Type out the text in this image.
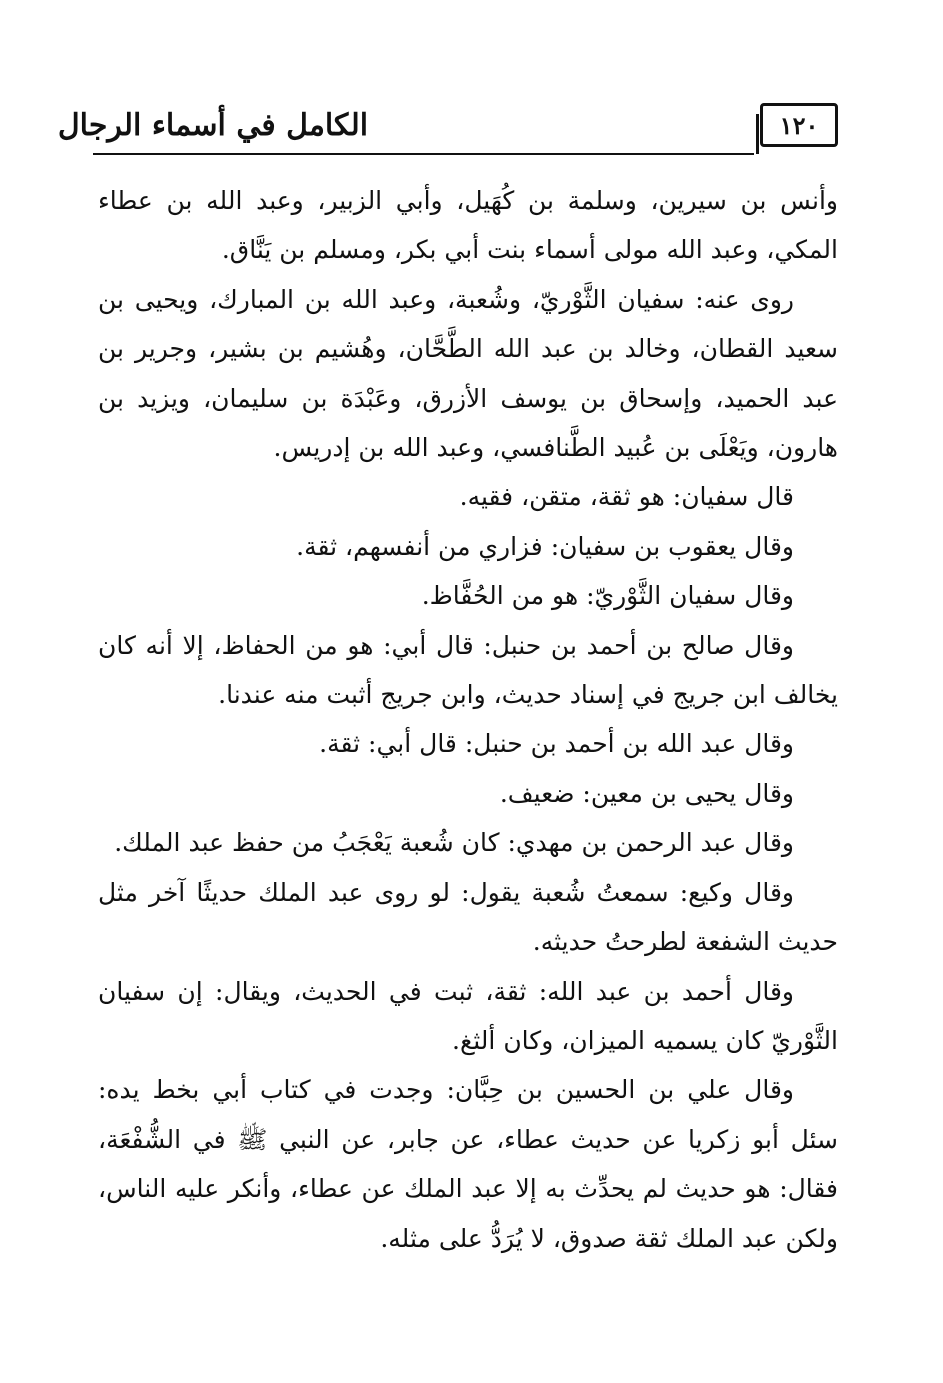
١٢٠
الكامل في أسماء الرجال

وأنس بن سيرين، وسلمة بن كُهَيل، وأبي الزبير، وعبد الله بن عطاء المكي، وعبد الله مولى أسماء بنت أبي بكر، ومسلم بن يَنَّاق.

روى عنه: سفيان الثَّوْريّ، وشُعبة، وعبد الله بن المبارك، ويحيى بن سعيد القطان، وخالد بن عبد الله الطَّحَّان، وهُشيم بن بشير، وجرير بن عبد الحميد، وإسحاق بن يوسف الأزرق، وعَبْدَة بن سليمان، ويزيد بن هارون، ويَعْلَى بن عُبيد الطَّنافسي، وعبد الله بن إدريس.

قال سفيان: هو ثقة، متقن، فقيه.

وقال يعقوب بن سفيان: فزاري من أنفسهم، ثقة.

وقال سفيان الثَّوْريّ: هو من الحُفَّاظ.

وقال صالح بن أحمد بن حنبل: قال أبي: هو من الحفاظ، إلا أنه كان يخالف ابن جريج في إسناد حديث، وابن جريج أثبت منه عندنا.

وقال عبد الله بن أحمد بن حنبل: قال أبي: ثقة.

وقال يحيى بن معين: ضعيف.

وقال عبد الرحمن بن مهدي: كان شُعبة يَعْجَبُ من حفظ عبد الملك.

وقال وكيع: سمعتُ شُعبة يقول: لو روى عبد الملك حديثًا آخر مثل حديث الشفعة لطرحتُ حديثه.

وقال أحمد بن عبد الله: ثقة، ثبت في الحديث، ويقال: إن سفيان الثَّوْريّ كان يسميه الميزان، وكان ألثغ.

وقال علي بن الحسين بن حِبَّان: وجدت في كتاب أبي بخط يده: سئل أبو زكريا عن حديث عطاء، عن جابر، عن النبي ﷺ في الشُّفْعَة، فقال: هو حديث لم يحدِّث به إلا عبد الملك عن عطاء، وأنكر عليه الناس، ولكن عبد الملك ثقة صدوق، لا يُرَدُّ على مثله.
